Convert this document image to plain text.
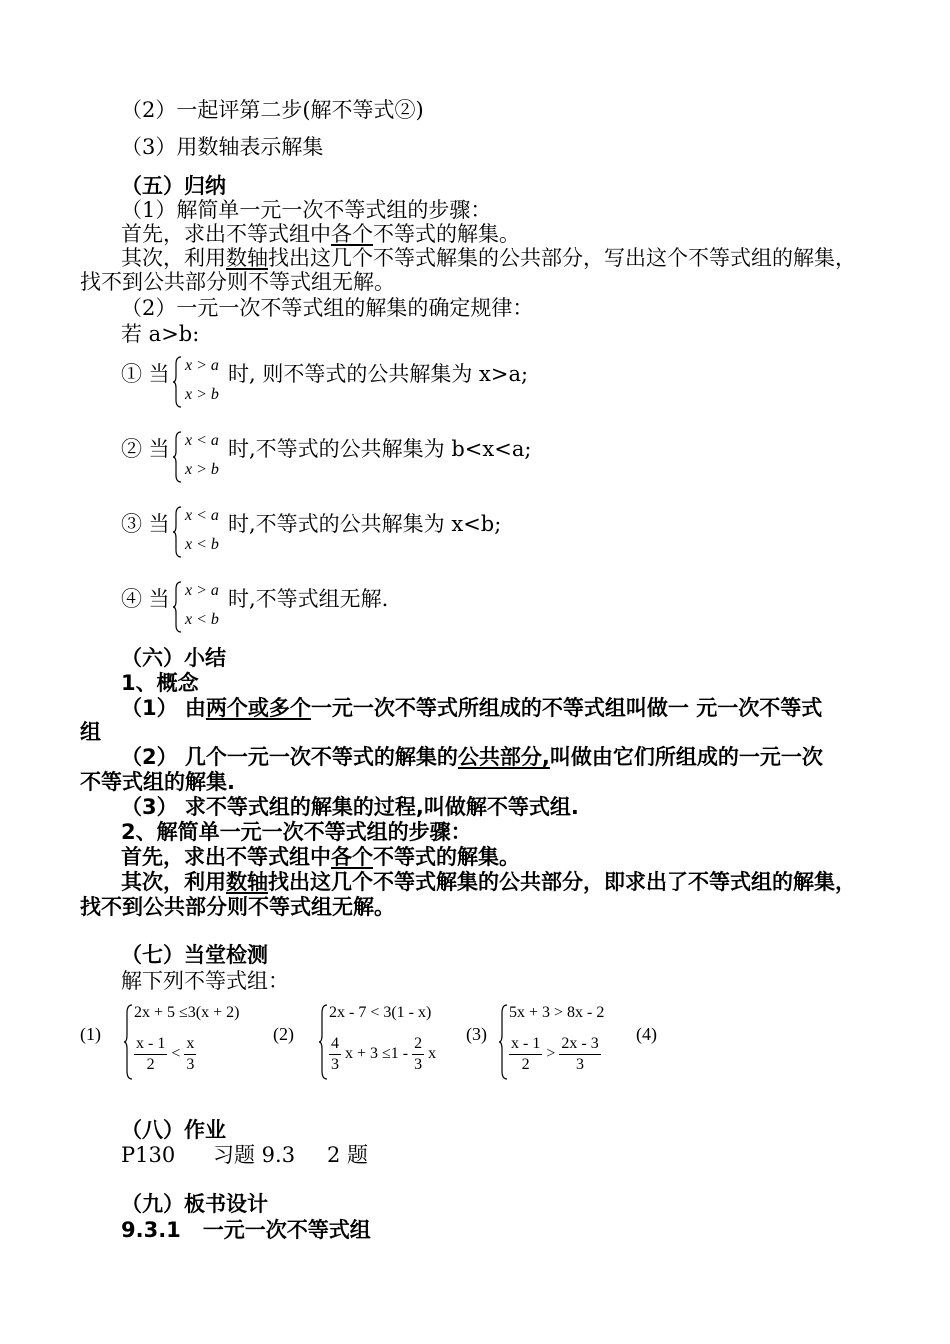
（2）一起评第二步(解不等式②)
（3）用数轴表示解集
（五）归纳
（1）解简单一元一次不等式组的步骤：
首先，求出不等式组中各个不等式的解集。
其次，利用数轴找出这几个不等式解集的公共部分，写出这个不等式组的解集，
找不到公共部分则不等式组无解。
（2）一元一次不等式组的解集的确定规律：
若 a>b:
① 当 x > a
x > b
时, 则不等式的公共解集为 x>a;
② 当 x < a
x > b
时,不等式的公共解集为 b<x<a;
③ 当 x < a
x < b
时,不等式的公共解集为 x<b;
④ 当 x > a
x < b
时,不等式组无解.
（六）小结
1、概念
（1） 由两个或多个一元一次不等式所组成的不等式组叫做一 元一次不等式
组
（2） 几个一元一次不等式的解集的公共部分,叫做由它们所组成的一元一次
不等式组的解集.
（3） 求不等式组的解集的过程,叫做解不等式组.
2、解简单一元一次不等式组的步骤：
首先，求出不等式组中各个不等式的解集。
其次，利用数轴找出这几个不等式解集的公共部分，即求出了不等式组的解集，
找不到公共部分则不等式组无解。
（七）当堂检测
解下列不等式组：
(1)
2x + 5 ≤3(x + 2)
$\frac{x - 1}{2} < \frac{x}{3}$	(2)
2x - 7 < 3(1 - x)
$\frac{4}{3}$ $x + 3 \le 1 - \frac{2}{3}$ x
(3)
5x + 3 > 8x - 2
$\frac{x - 1}{2} > \frac{2x - 3}{3} (4)$
（八）作业
P130 习题 9.3 2 题
（九）板书设计
9.3.1   一元一次不等式组
